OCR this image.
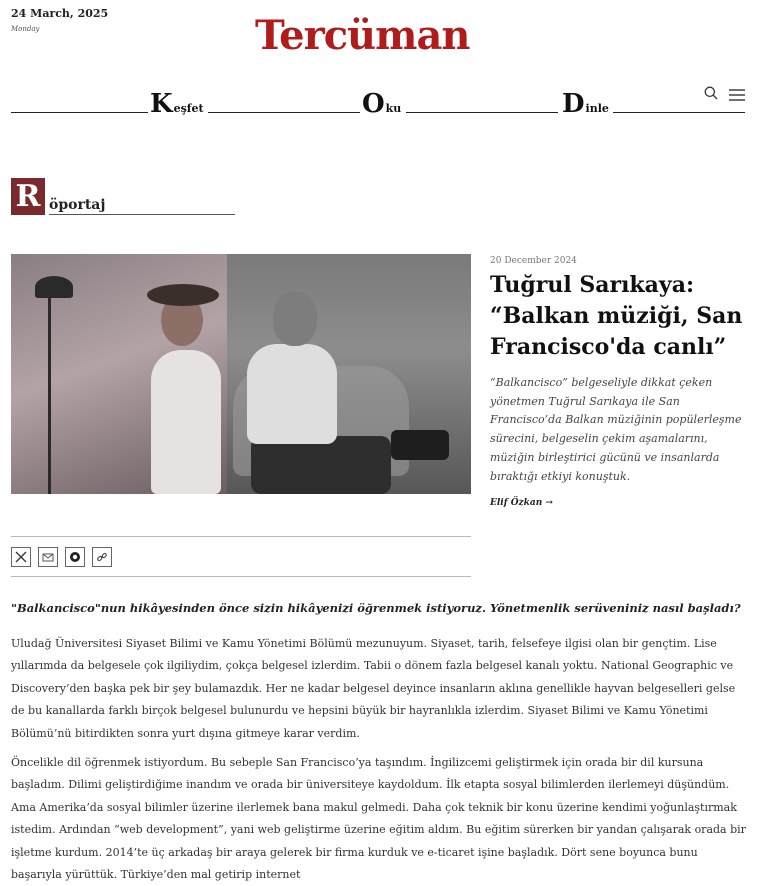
24 March, 2025
Monday	Tercüman
K eşfet	O ku	D inle
R öportaj
20 December 2024
Tuğrul Sarıkaya: “Balkan müziği, San Francisco'da canlı”
“Balkancisco” belgeseliyle dikkat çeken yönetmen Tuğrul Sarıkaya ile San Francisco’da Balkan müziğinin popülerleşme sürecini, belgeselin çekim aşamalarını, müziğin birleştirici gücünü ve insanlarda bıraktığı etkiyi konuştuk.
Elif Özkan →
"Balkancisco"nun hikâyesinden önce sizin hikâyenizi öğrenmek istiyoruz. Yönetmenlik serüveniniz nasıl başladı?
Uludağ Üniversitesi Siyaset Bilimi ve Kamu Yönetimi Bölümü mezunuyum. Siyaset, tarih, felsefeye ilgisi olan bir gençtim. Lise yıllarımda da belgesele çok ilgiliydim, çokça belgesel izlerdim. Tabii o dönem fazla belgesel kanalı yoktu. National Geographic ve Discovery’den başka pek bir şey bulamazdık. Her ne kadar belgesel deyince insanların aklına genellikle hayvan belgeselleri gelse de bu kanallarda farklı birçok belgesel bulunurdu ve hepsini büyük bir hayranlıkla izlerdim. Siyaset Bilimi ve Kamu Yönetimi Bölümü’nü bitirdikten sonra yurt dışına gitmeye karar verdim.
Öncelikle dil öğrenmek istiyordum. Bu sebeple San Francisco’ya taşındım. İngilizcemi geliştirmek için orada bir dil kursuna başladım. Dilimi geliştirdiğime inandım ve orada bir üniversiteye kaydoldum. İlk etapta sosyal bilimlerden ilerlemeyi düşündüm. Ama Amerika’da sosyal bilimler üzerine ilerlemek bana makul gelmedi. Daha çok teknik bir konu üzerine kendimi yoğunlaştırmak istedim. Ardından “web development”, yani web geliştirme üzerine eğitim aldım. Bu eğitim sürerken bir yandan çalışarak orada bir işletme kurdum. 2014’te üç arkadaş bir araya gelerek bir firma kurduk ve e-ticaret işine başladık. Dört sene boyunca bunu başarıyla yürüttük. Türkiye’den mal getirip internet
